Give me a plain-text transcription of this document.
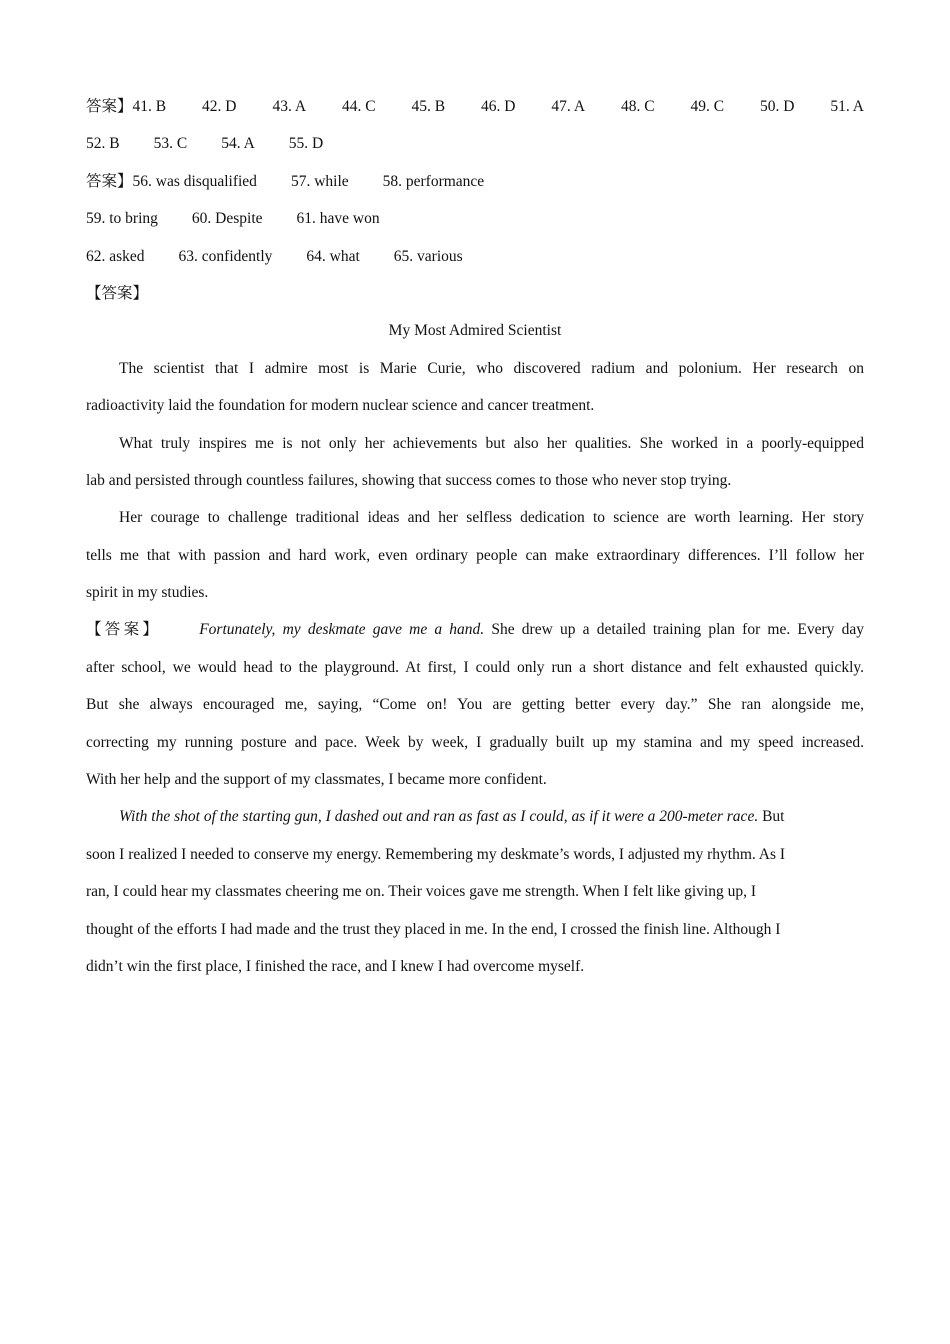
答案】41. B 42. D 43. A 44. C 45. B 46. D 47. A 48. C 49. C 50. D 51. A
52. B 53. C 54. A 55. D
答案】56. was disqualified 57. while 58. performance
59. to bring 60. Despite 61. have won
62. asked 63. confidently 64. what 65. various
【答案】
My Most Admired Scientist
The scientist that I admire most is Marie Curie, who discovered radium and polonium. Her research on
radioactivity laid the foundation for modern nuclear science and cancer treatment.
What truly inspires me is not only her achievements but also her qualities. She worked in a poorly-equipped
lab and persisted through countless failures, showing that success comes to those who never stop trying.
Her courage to challenge traditional ideas and her selfless dedication to science are worth learning. Her story
tells me that with passion and hard work, even ordinary people can make extraordinary differences. I’ll follow her
spirit in my studies.
【答案】 Fortunately, my deskmate gave me a hand. She drew up a detailed training plan for me. Every day
after school, we would head to the playground. At first, I could only run a short distance and felt exhausted quickly.
But she always encouraged me, saying, “Come on! You are getting better every day.” She ran alongside me,
correcting my running posture and pace. Week by week, I gradually built up my stamina and my speed increased.
With her help and the support of my classmates, I became more confident.
With the shot of the starting gun, I dashed out and ran as fast as I could, as if it were a 200-meter race. But
soon I realized I needed to conserve my energy. Remembering my deskmate’s words, I adjusted my rhythm. As I
ran, I could hear my classmates cheering me on. Their voices gave me strength. When I felt like giving up, I
thought of the efforts I had made and the trust they placed in me. In the end, I crossed the finish line. Although I
didn’t win the first place, I finished the race, and I knew I had overcome myself.
